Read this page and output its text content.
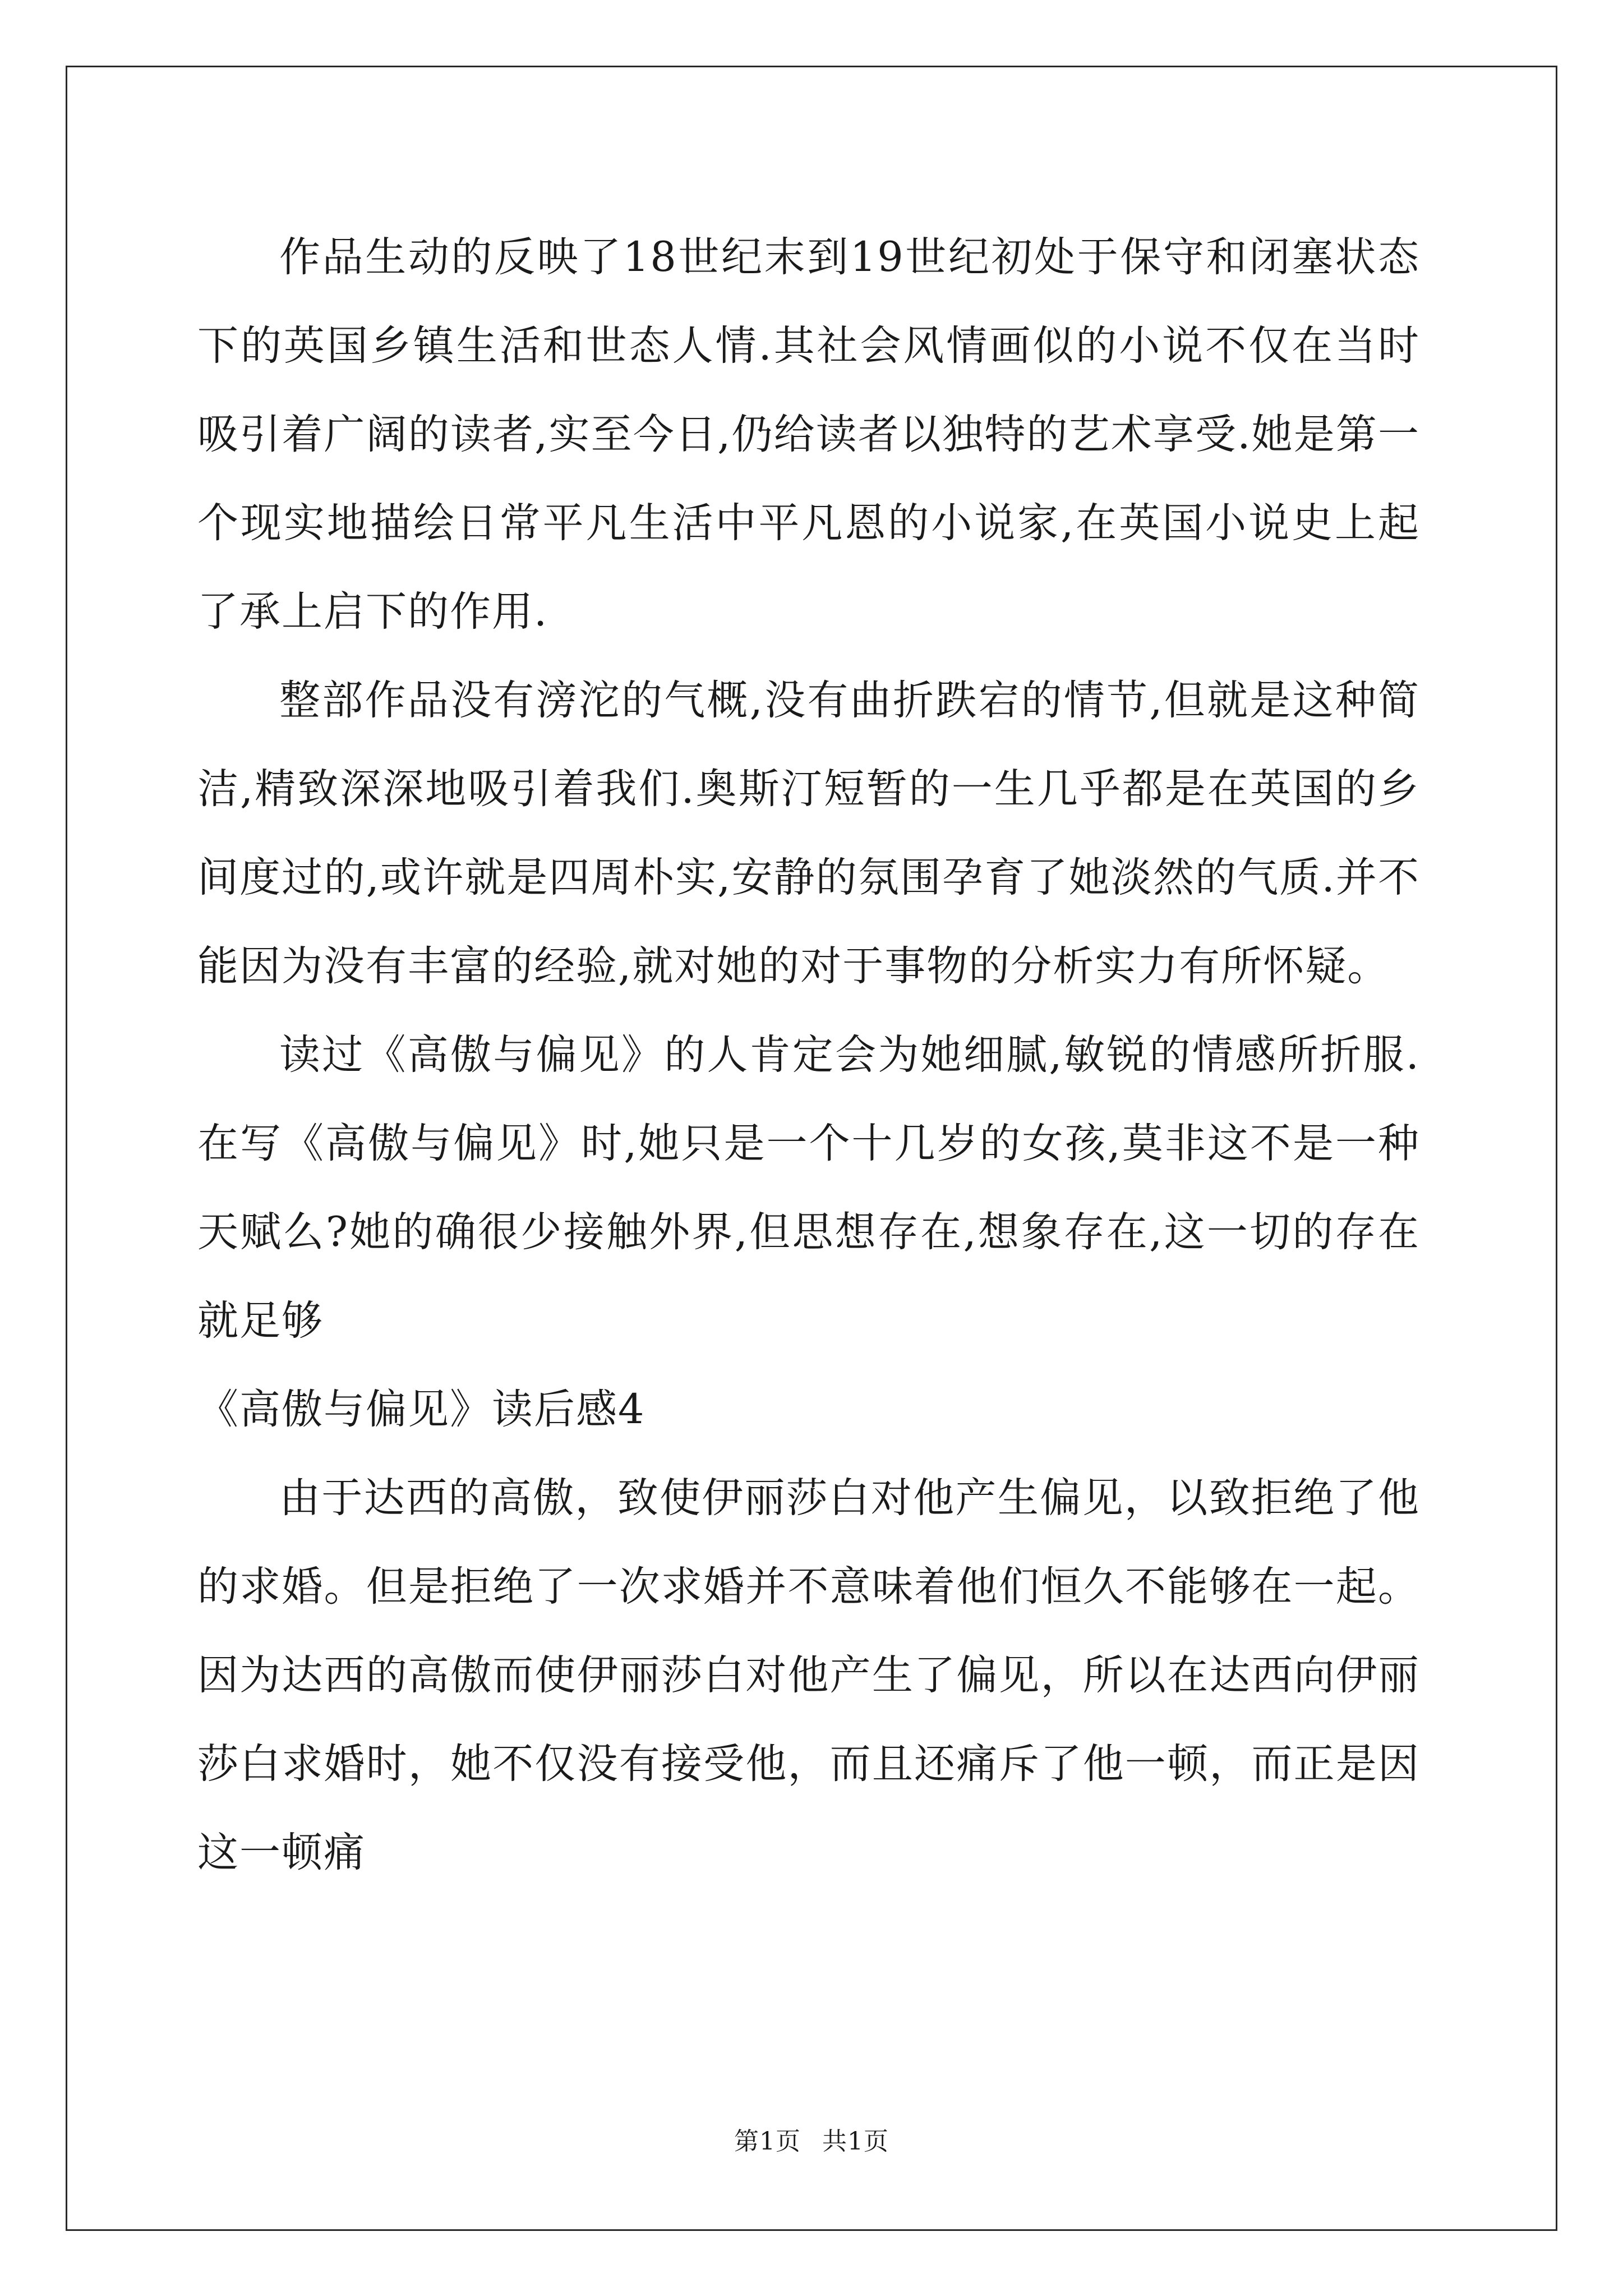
作品生动的反映了18世纪末到19世纪初处于保守和闭塞状态下的英国乡镇生活和世态人情.其社会风情画似的小说不仅在当时吸引着广阔的读者,实至今日,仍给读者以独特的艺术享受.她是第一个现实地描绘日常平凡生活中平凡恩的小说家,在英国小说史上起了承上启下的作用.

整部作品没有滂沱的气概,没有曲折跌宕的情节,但就是这种简洁,精致深深地吸引着我们.奥斯汀短暂的一生几乎都是在英国的乡间度过的,或许就是四周朴实,安静的氛围孕育了她淡然的气质.并不能因为没有丰富的经验,就对她的对于事物的分析实力有所怀疑。

读过《高傲与偏见》的人肯定会为她细腻,敏锐的情感所折服.在写《高傲与偏见》时,她只是一个十几岁的女孩,莫非这不是一种天赋么?她的确很少接触外界,但思想存在,想象存在,这一切的存在就足够

《高傲与偏见》读后感4

由于达西的高傲，致使伊丽莎白对他产生偏见，以致拒绝了他的求婚。但是拒绝了一次求婚并不意味着他们恒久不能够在一起。因为达西的高傲而使伊丽莎白对他产生了偏见，所以在达西向伊丽莎白求婚时，她不仅没有接受他，而且还痛斥了他一顿，而正是因这一顿痛

第1页 共1页
